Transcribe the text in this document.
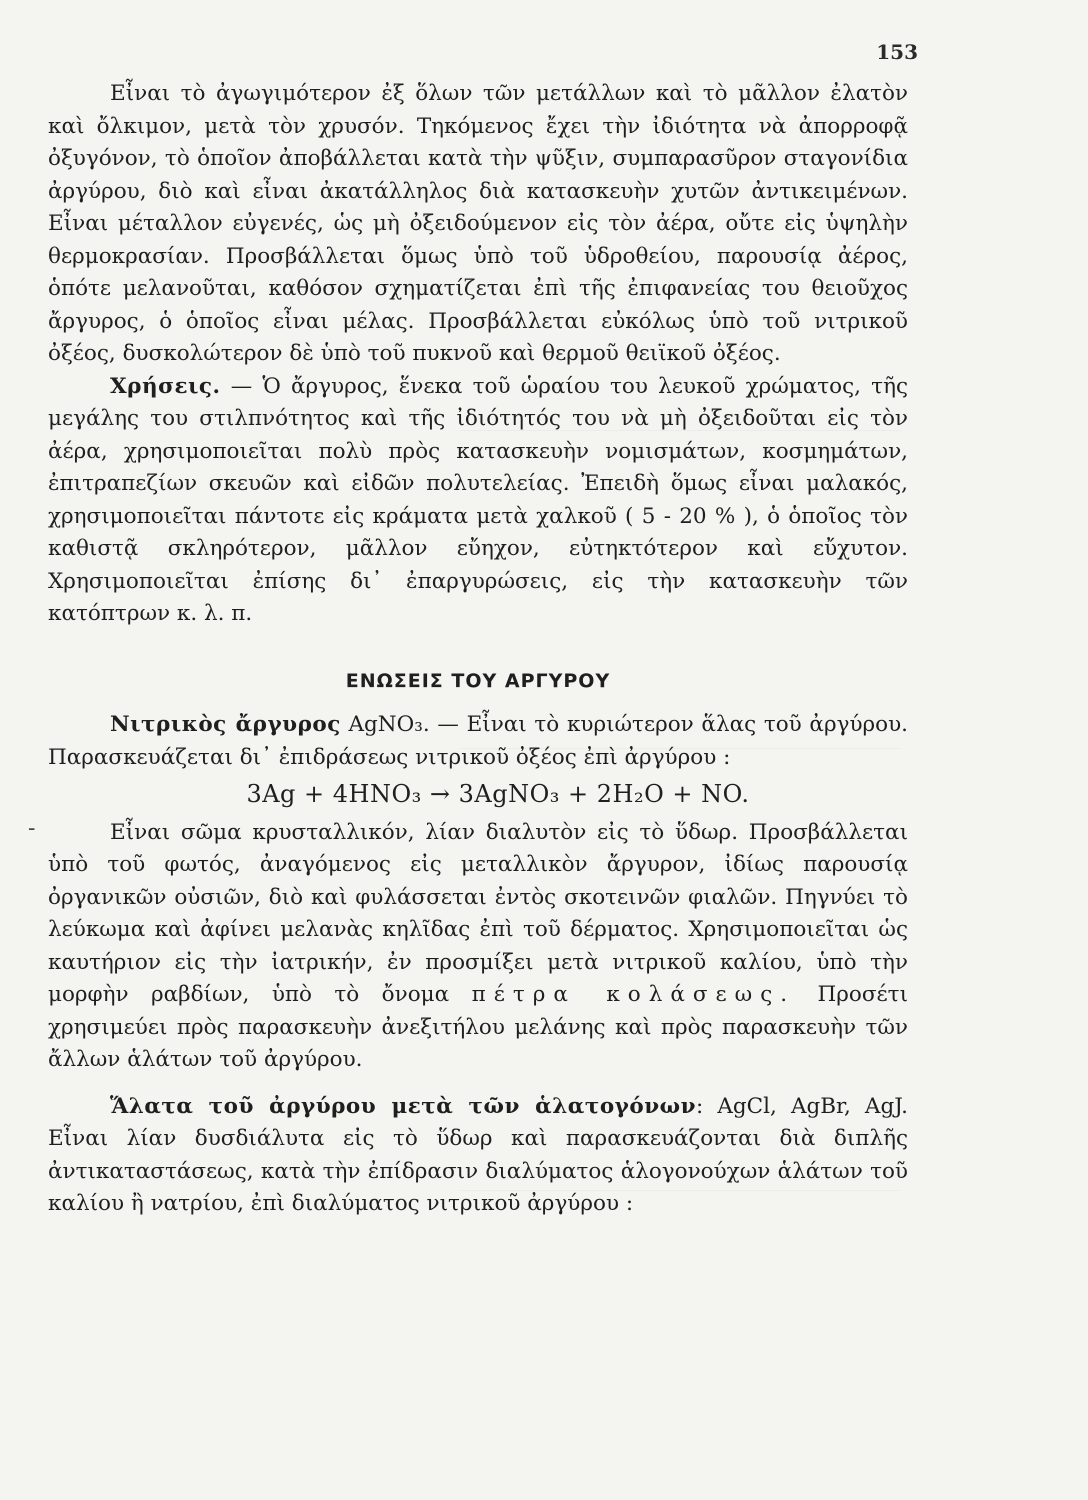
153
-

Εἶναι τὸ ἀγωγιμότερον ἐξ ὅλων τῶν μετάλλων καὶ τὸ μᾶλλον ἐλατὸν καὶ ὄλκιμον, μετὰ τὸν χρυσόν. Τηκόμενος ἔχει τὴν ἰδιότητα νὰ ἀπορροφᾷ ὀξυγόνον, τὸ ὁποῖον ἀποβάλλεται κατὰ τὴν ψῦξιν, συμπαρασῦρον σταγονίδια ἀργύρου, διὸ καὶ εἶναι ἀκατάλληλος διὰ κατασκευὴν χυτῶν ἀντικειμένων. Εἶναι μέταλλον εὐγενές, ὡς μὴ ὀξειδούμενον εἰς τὸν ἀέρα, οὔτε εἰς ὑψηλὴν θερμοκρασίαν. Προσβάλλεται ὅμως ὑπὸ τοῦ ὑδροθείου, παρουσίᾳ ἀέρος, ὁπότε μελανοῦται, καθόσον σχηματίζεται ἐπὶ τῆς ἐπιφανείας του θειοῦχος ἄργυρος, ὁ ὁποῖος εἶναι μέλας. Προσβάλλεται εὐκόλως ὑπὸ τοῦ νιτρικοῦ ὀξέος, δυσκολώτερον δὲ ὑπὸ τοῦ πυκνοῦ καὶ θερμοῦ θειϊκοῦ ὀξέος.

Χρήσεις. — Ὁ ἄργυρος, ἕνεκα τοῦ ὡραίου του λευκοῦ χρώματος, τῆς μεγάλης του στιλπνότητος καὶ τῆς ἰδιότητός του νὰ μὴ ὀξειδοῦται εἰς τὸν ἀέρα, χρησιμοποιεῖται πολὺ πρὸς κατασκευὴν νομισμάτων, κοσμημάτων, ἐπιτραπεζίων σκευῶν καὶ εἰδῶν πολυτελείας. Ἐπειδὴ ὅμως εἶναι μαλακός, χρησιμοποιεῖται πάντοτε εἰς κράματα μετὰ χαλκοῦ ( 5 - 20 % ), ὁ ὁποῖος τὸν καθιστᾷ σκληρότερον, μᾶλλον εὔηχον, εὐτηκτότερον καὶ εὔχυτον. Χρησιμοποιεῖται ἐπίσης δι᾽ ἐπαργυρώσεις, εἰς τὴν κατασκευὴν τῶν κατόπτρων κ. λ. π.

ΕΝΩΣΕΙΣ ΤΟΥ ΑΡΓΥΡΟΥ

Νιτρικὸς ἄργυρος AgNO₃. — Εἶναι τὸ κυριώτερον ἅλας τοῦ ἀργύρου. Παρασκευάζεται δι᾽ ἐπιδράσεως νιτρικοῦ ὀξέος ἐπὶ ἀργύρου :

3Ag + 4HNO₃ → 3AgNO₃ + 2H₂O + NO.

Εἶναι σῶμα κρυσταλλικόν, λίαν διαλυτὸν εἰς τὸ ὕδωρ. Προσβάλλεται ὑπὸ τοῦ φωτός, ἀναγόμενος εἰς μεταλλικὸν ἄργυρον, ἰδίως παρουσίᾳ ὀργανικῶν οὐσιῶν, διὸ καὶ φυλάσσεται ἐντὸς σκοτεινῶν φιαλῶν. Πηγνύει τὸ λεύκωμα καὶ ἀφίνει μελανὰς κηλῖδας ἐπὶ τοῦ δέρματος. Χρησιμοποιεῖται ὡς καυτήριον εἰς τὴν ἰατρικήν, ἐν προσμίξει μετὰ νιτρικοῦ καλίου, ὑπὸ τὴν μορφὴν ραβδίων, ὑπὸ τὸ ὄνομα πέτρα κολάσεως. Προσέτι χρησιμεύει πρὸς παρασκευὴν ἀνεξιτήλου μελάνης καὶ πρὸς παρασκευὴν τῶν ἄλλων ἁλάτων τοῦ ἀργύρου.

Ἅλατα τοῦ ἀργύρου μετὰ τῶν ἁλατογόνων: AgCl, AgBr, AgJ. Εἶναι λίαν δυσδιάλυτα εἰς τὸ ὕδωρ καὶ παρασκευάζονται διὰ διπλῆς ἀντικαταστάσεως, κατὰ τὴν ἐπίδρασιν διαλύματος ἁλογονούχων ἁλάτων τοῦ καλίου ἢ νατρίου, ἐπὶ διαλύματος νιτρικοῦ ἀργύρου :
